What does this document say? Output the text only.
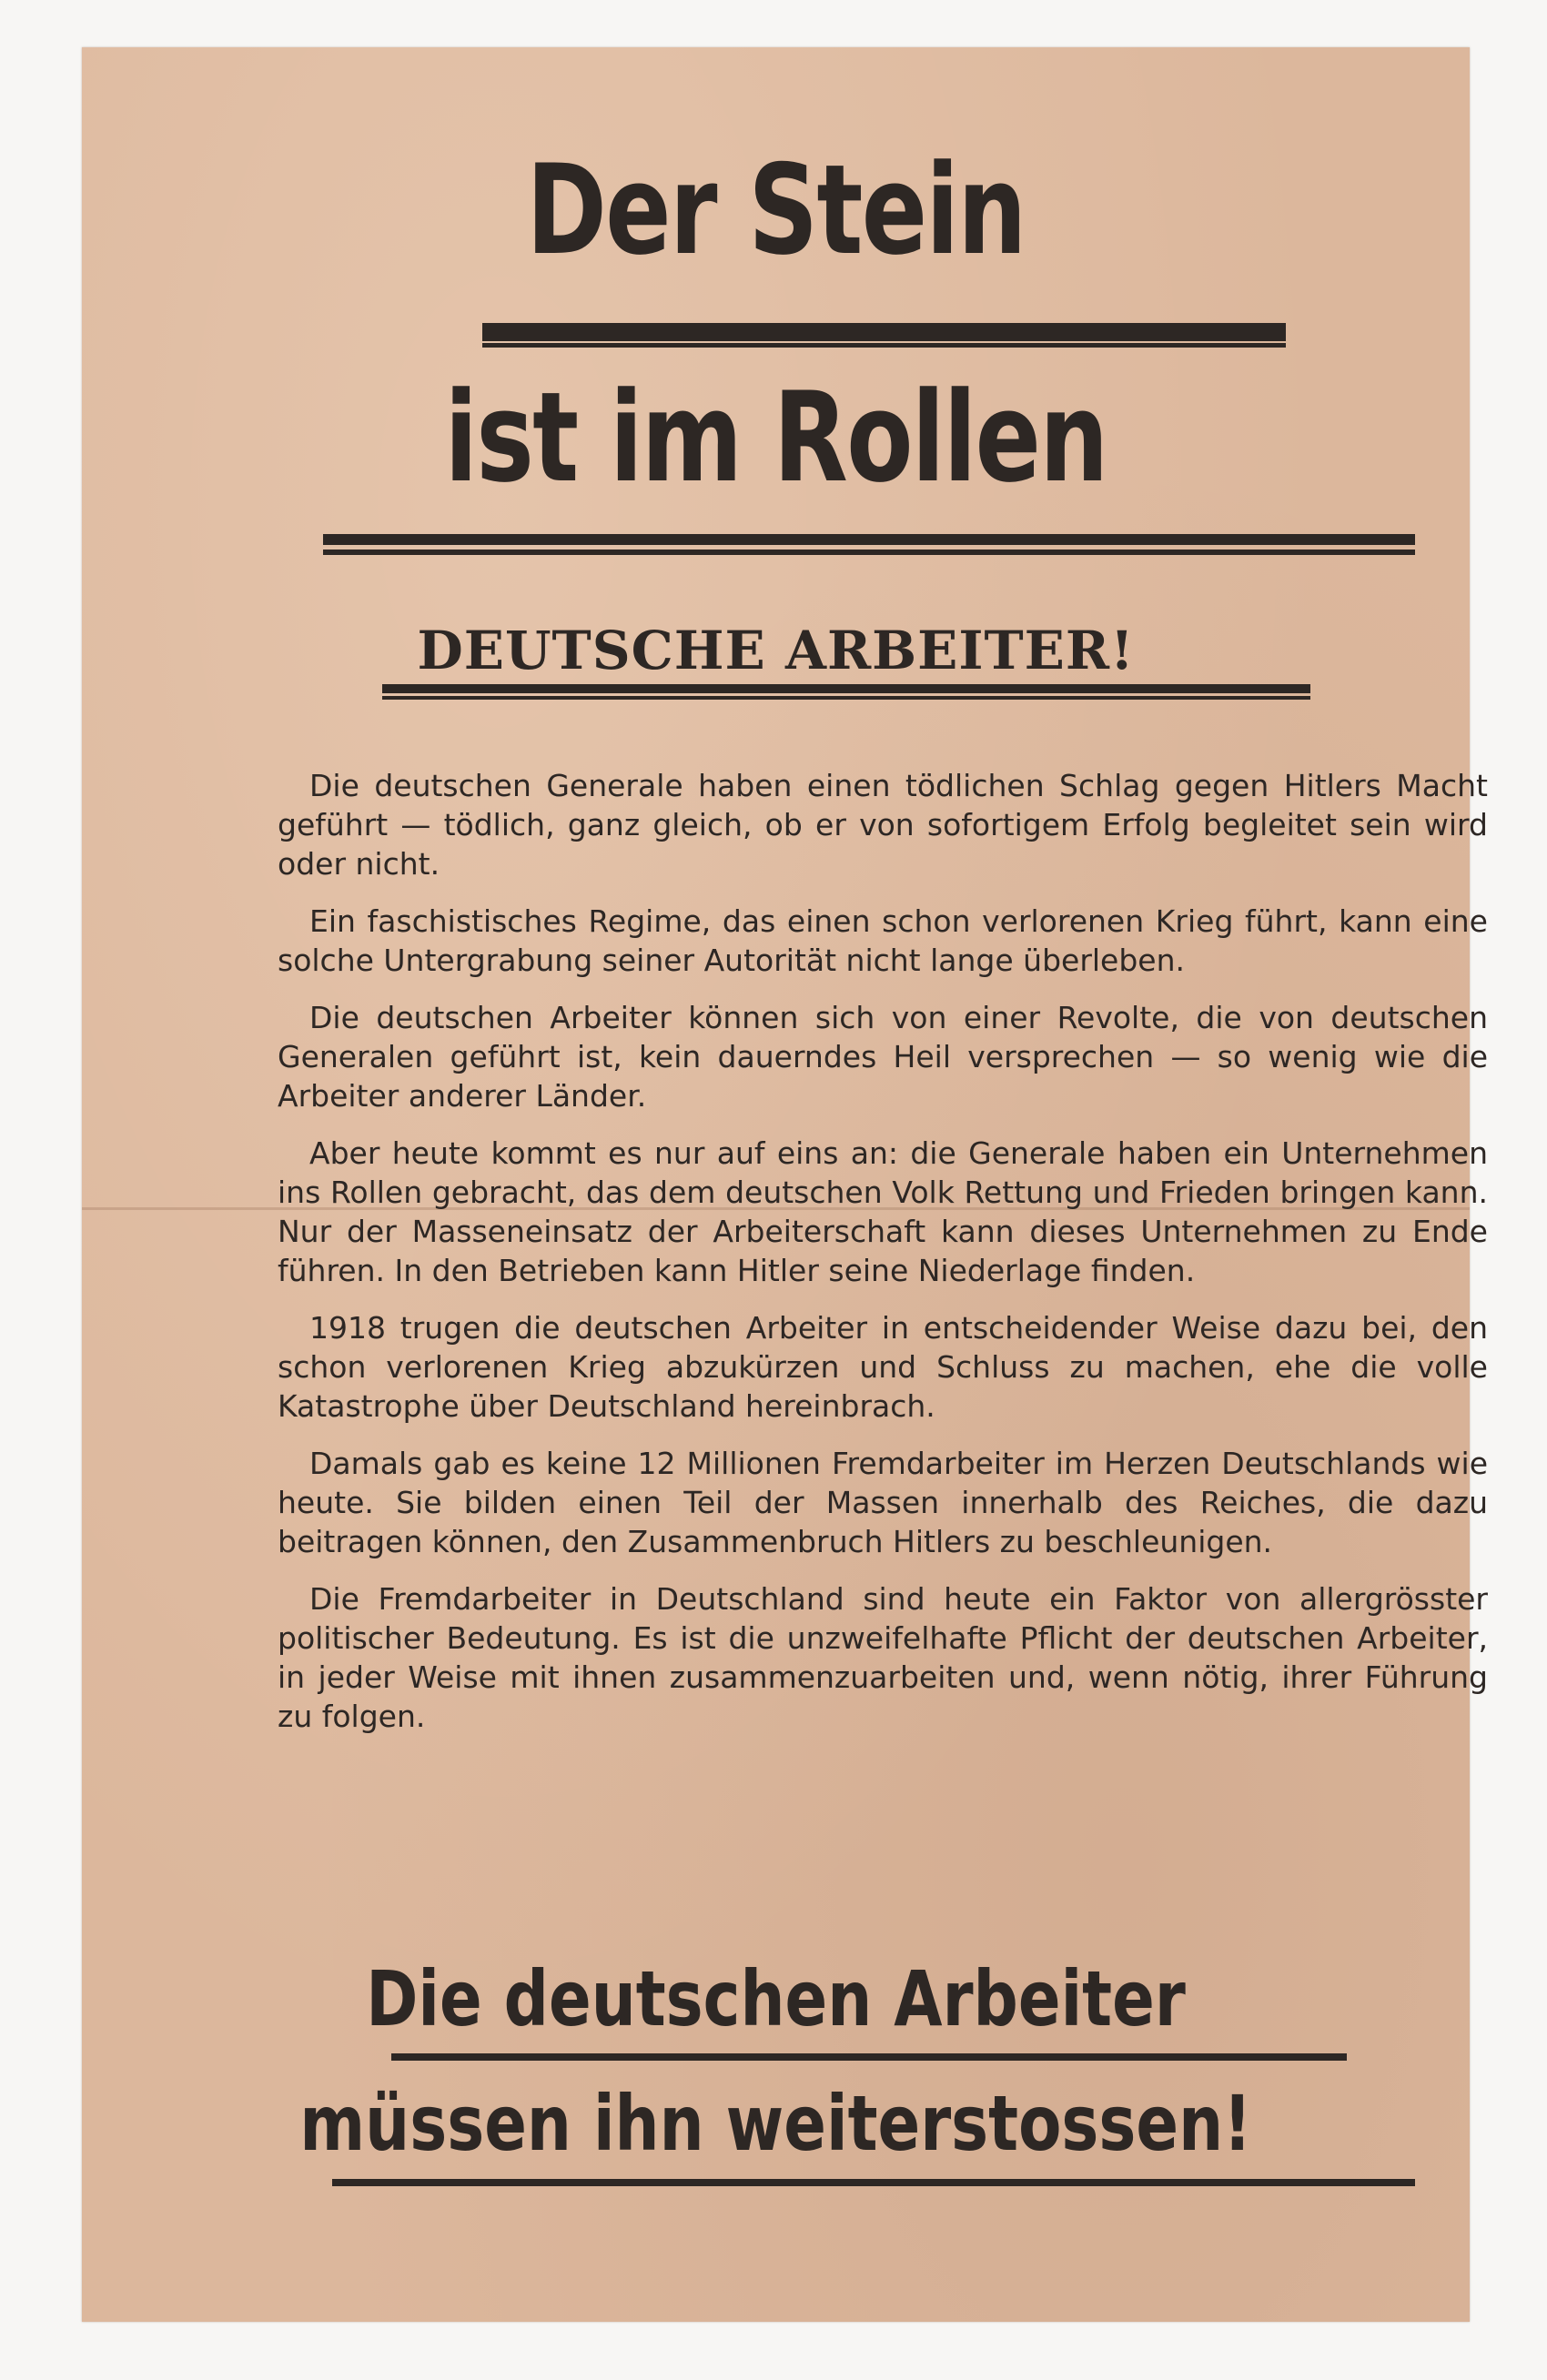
Der Stein
ist im Rollen
DEUTSCHE ARBEITER!

Die deutschen Generale haben einen tödlichen Schlag gegen Hitlers Macht geführt — tödlich, ganz gleich, ob er von sofortigem Erfolg begleitet sein wird oder nicht.

Ein faschistisches Regime, das einen schon verlorenen Krieg führt, kann eine solche Untergrabung seiner Autorität nicht lange überleben.

Die deutschen Arbeiter können sich von einer Revolte, die von deutschen Generalen geführt ist, kein dauerndes Heil versprechen — so wenig wie die Arbeiter anderer Länder.

Aber heute kommt es nur auf eins an: die Generale haben ein Unternehmen ins Rollen gebracht, das dem deutschen Volk Rettung und Frieden bringen kann. Nur der Masseneinsatz der Arbeiterschaft kann dieses Unternehmen zu Ende führen. In den Betrieben kann Hitler seine Niederlage finden.

1918 trugen die deutschen Arbeiter in entscheidender Weise dazu bei, den schon verlorenen Krieg abzukürzen und Schluss zu machen, ehe die volle Katastrophe über Deutschland hereinbrach.

Damals gab es keine 12 Millionen Fremdarbeiter im Herzen Deutschlands wie heute. Sie bilden einen Teil der Massen innerhalb des Reiches, die dazu beitragen können, den Zusammenbruch Hitlers zu beschleunigen.

Die Fremdarbeiter in Deutschland sind heute ein Faktor von allergrösster politischer Bedeutung. Es ist die unzweifelhafte Pflicht der deutschen Arbeiter, in jeder Weise mit ihnen zusammenzuarbeiten und, wenn nötig, ihrer Führung zu folgen.

Die deutschen Arbeiter
müssen ihn weiterstossen!
